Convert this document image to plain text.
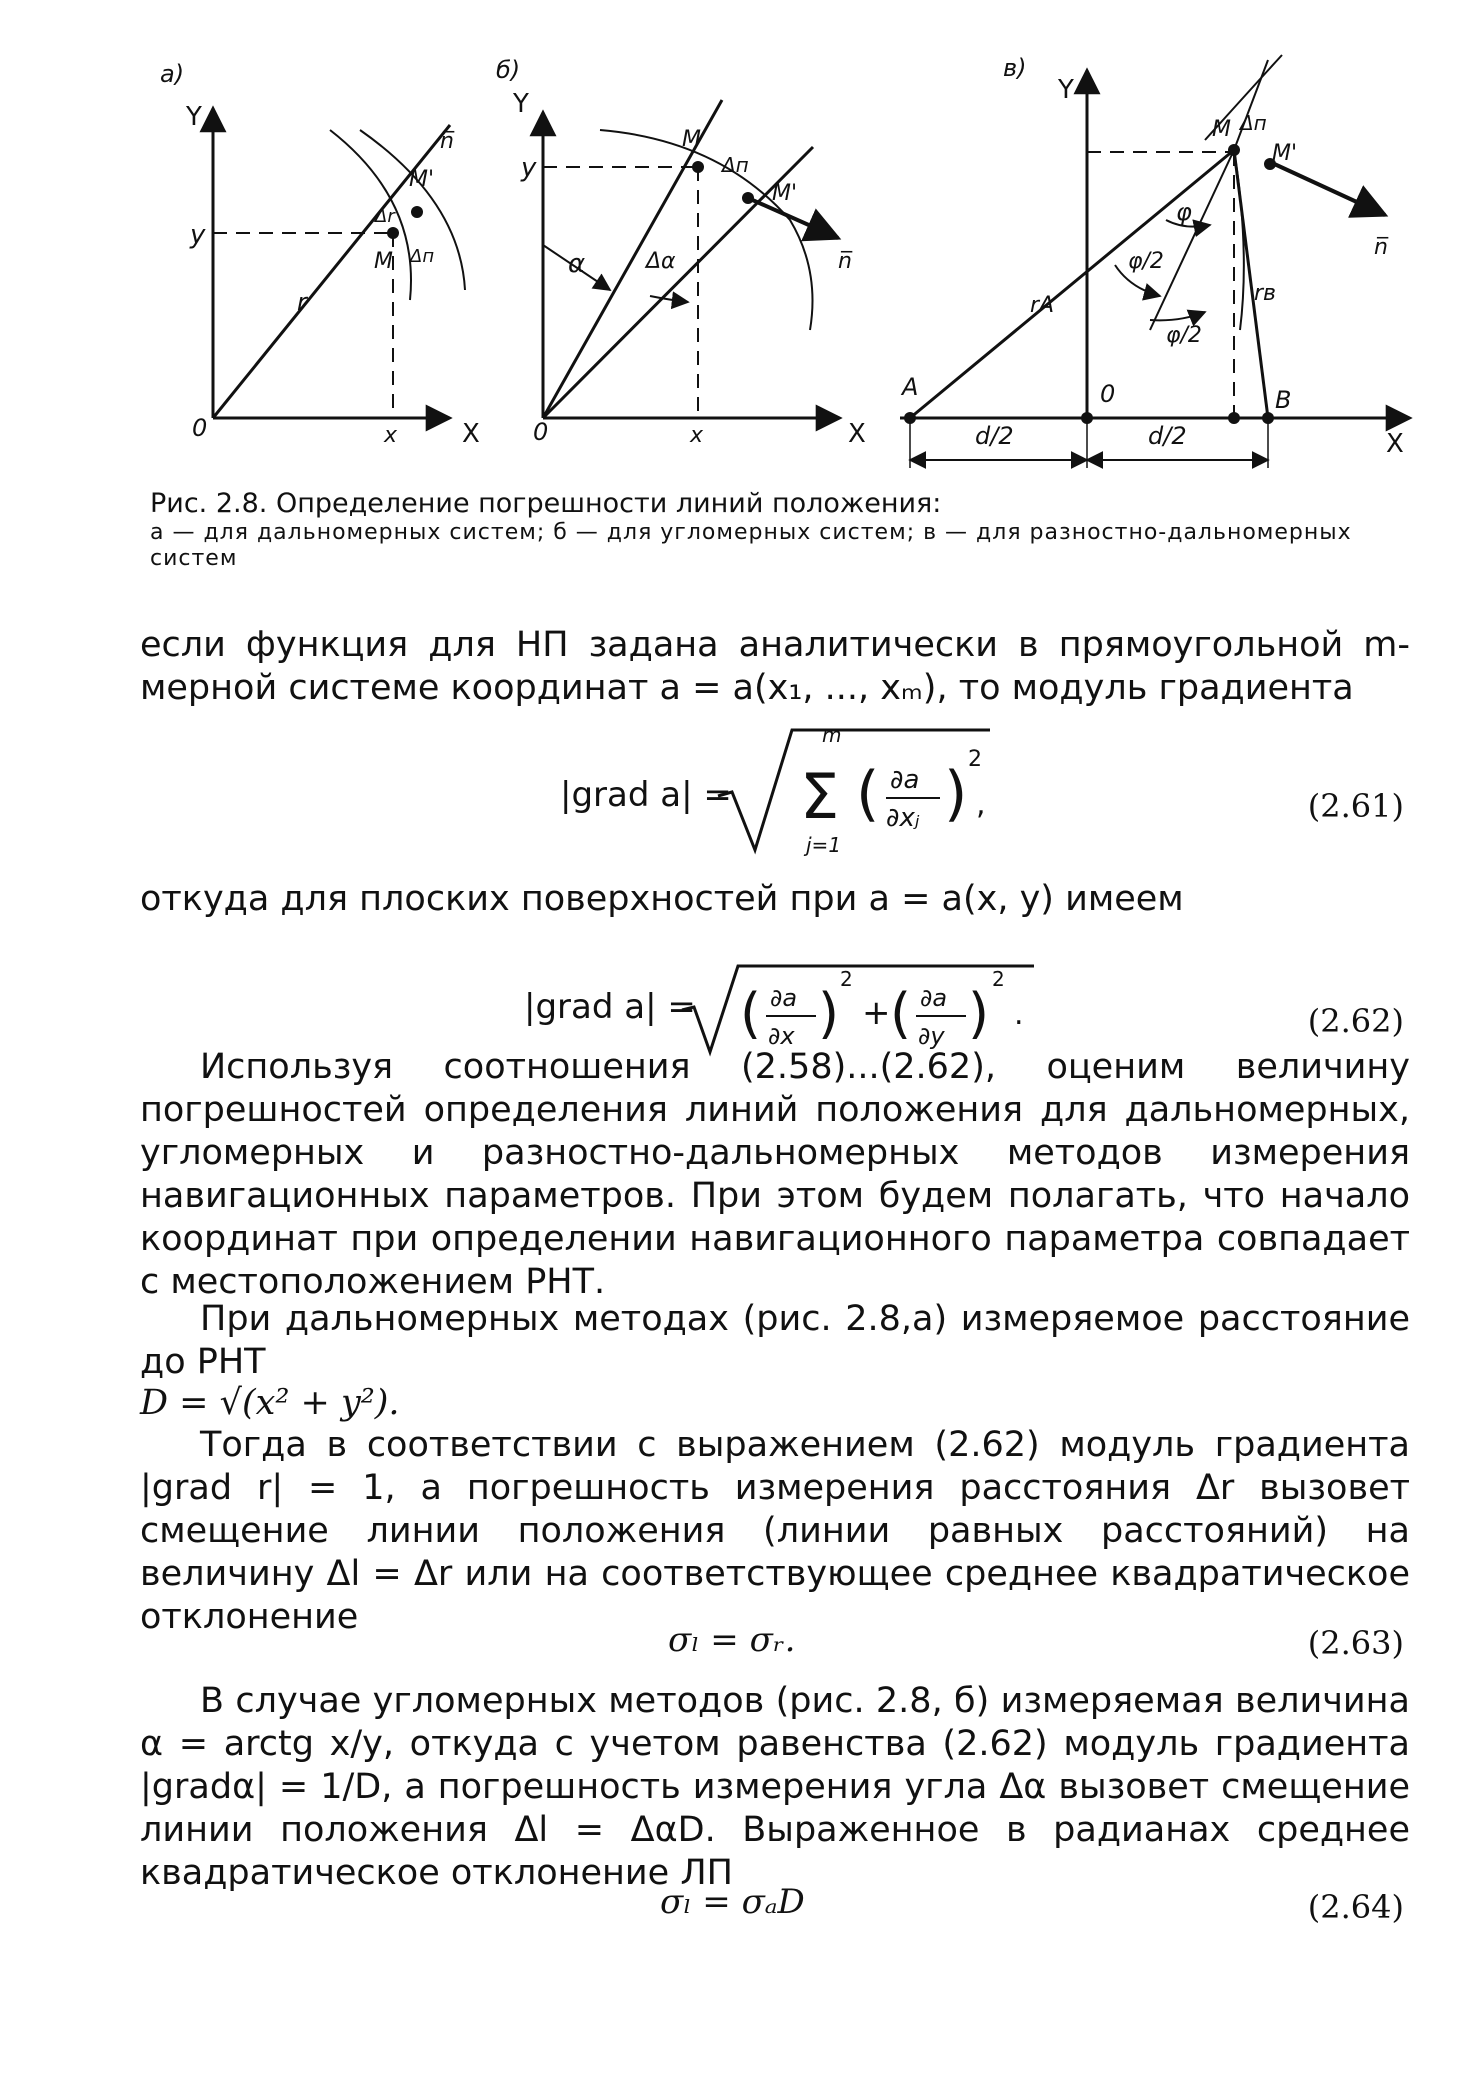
a)
Y
X
0
y
x
r
M
M'
n̅
Δr
Δп
б)
Y
X
0
y
x
α	Δα
M
M'
Δп
n̅
в)
Y
X
0
A	B
M
M'
Δп
n̅
rA	rв
φ
φ/2
φ/2
d/2	d/2
Рис. 2.8. Определение погрешности линий положения:
а — для дальномерных систем; б — для угломерных систем; в — для разностно-дальномерных систем
если функция для НП задана аналитически в прямоугольной m-мерной системе координат a = a(x₁, ..., xₘ), то модуль градиента
|grad a| =
m
Σ
j=1
( ∂a
∂xⱼ ) 2
,	(2.61)
откуда для плоских поверхностей при a = a(x, y) имеем
|grad a| = ( ∂a
∂x )
2
+ ( ∂a
∂y )
2
.	(2.62)
Используя соотношения (2.58)...(2.62), оценим величину погрешностей определения линий положения для дальномерных, угломерных и разностно-дальномерных методов измерения навигационных параметров. При этом будем полагать, что начало координат при определении навигационного параметра совпадает с местоположением РНТ.
При дальномерных методах (рис. 2.8,а) измеряемое расстояние до РНТ
D = √(x² + y²).
Тогда в соответствии с выражением (2.62) модуль градиента |grad r| = 1, а погрешность измерения расстояния Δr вызовет смещение линии положения (линии равных расстояний) на величину Δl = Δr или на соответствующее среднее квадратическое отклонение
σₗ = σᵣ.	(2.63)
В случае угломерных методов (рис. 2.8, б) измеряемая величина α = arctg x/y, откуда с учетом равенства (2.62) модуль градиента |gradα| = 1/D, а погрешность измерения угла Δα вызовет смещение линии положения Δl = ΔαD. Выраженное в радианах среднее квадратическое отклонение ЛП
σₗ = σₐD	(2.64)
